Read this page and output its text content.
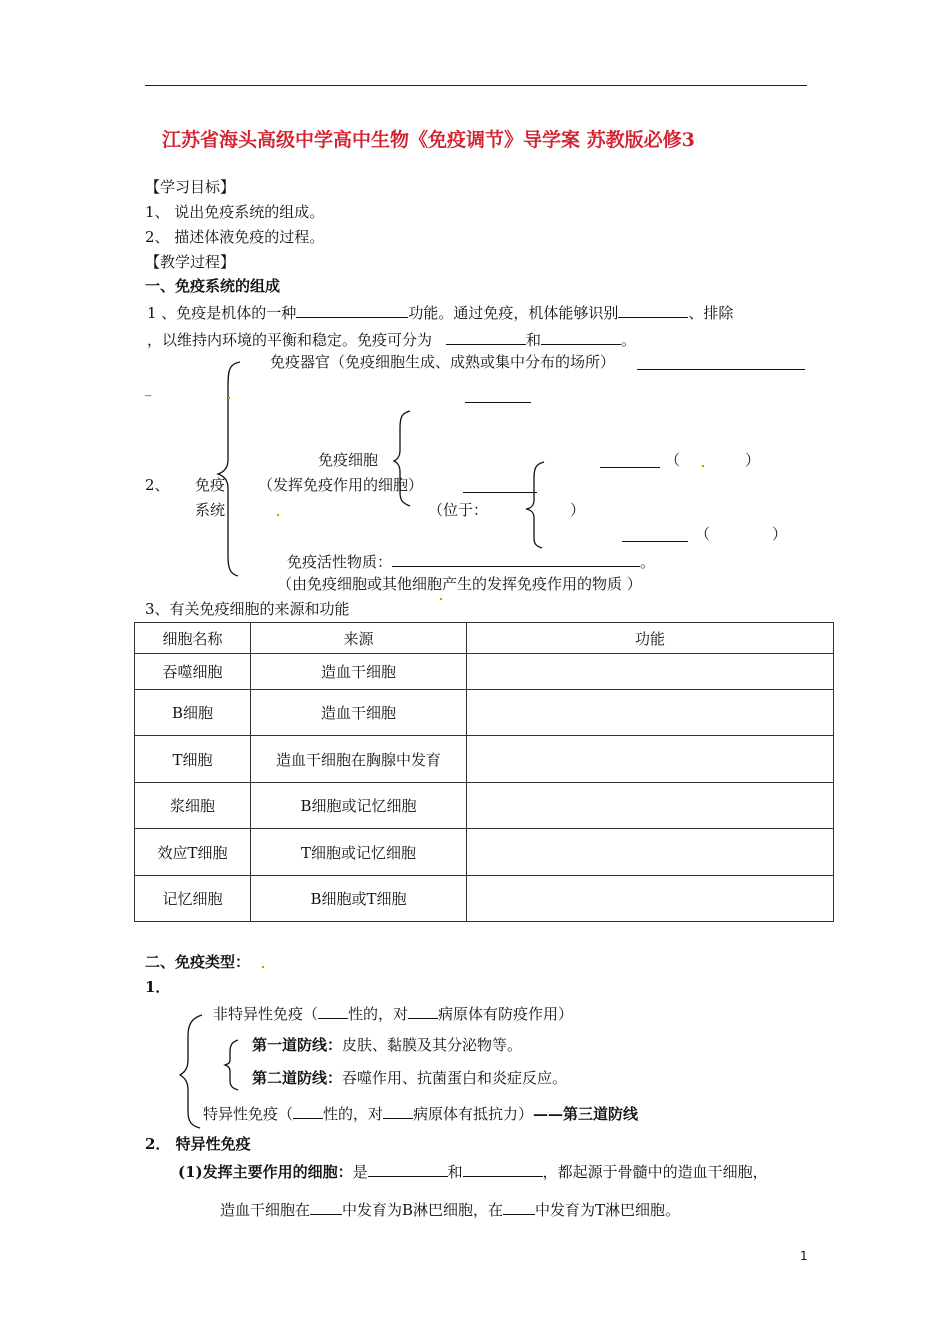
江苏省海头高级中学高中生物《免疫调节》导学案 苏教版必修3
【学习目标】
1、 说出免疫系统的组成。
2、 描述体液免疫的过程。
【教学过程】
一、免疫系统的组成
1 、免疫是机体的一种	功能。通过免疫，机体能够识别	、排除
，以维持内环境的平衡和稳定。免疫可分为	和	。
免疫器官（免疫细胞生成、成熟或集中分布的场所）
_
免疫细胞
2、 免疫
系统
（发挥免疫作用的细胞）
（	）
（位于：	）
（	）
免疫活性物质：	。
（由免疫细胞或其他细胞产生的发挥免疫作用的物质 ）
3、有关免疫细胞的来源和功能
细胞名称	来源	功能
吞噬细胞	造血干细胞	
B细胞	造血干细胞	
T细胞	造血干细胞在胸腺中发育	
浆细胞	B细胞或记忆细胞	
效应T细胞	T细胞或记忆细胞	
记忆细胞	B细胞或T细胞	
二、免疫类型：
1．
非特异性免疫（ 性的，对 病原体有防疫作用）
第一道防线：皮肤、黏膜及其分泌物等。
第二道防线：吞噬作用、抗菌蛋白和炎症反应。
特异性免疫（ 性的，对 病原体有抵抗力）——第三道防线
2． 特异性免疫
(1)发挥主要作用的细胞：是	和	，都起源于骨髓中的造血干细胞，
造血干细胞在 中发育为B淋巴细胞，在 中发育为T淋巴细胞。
1
